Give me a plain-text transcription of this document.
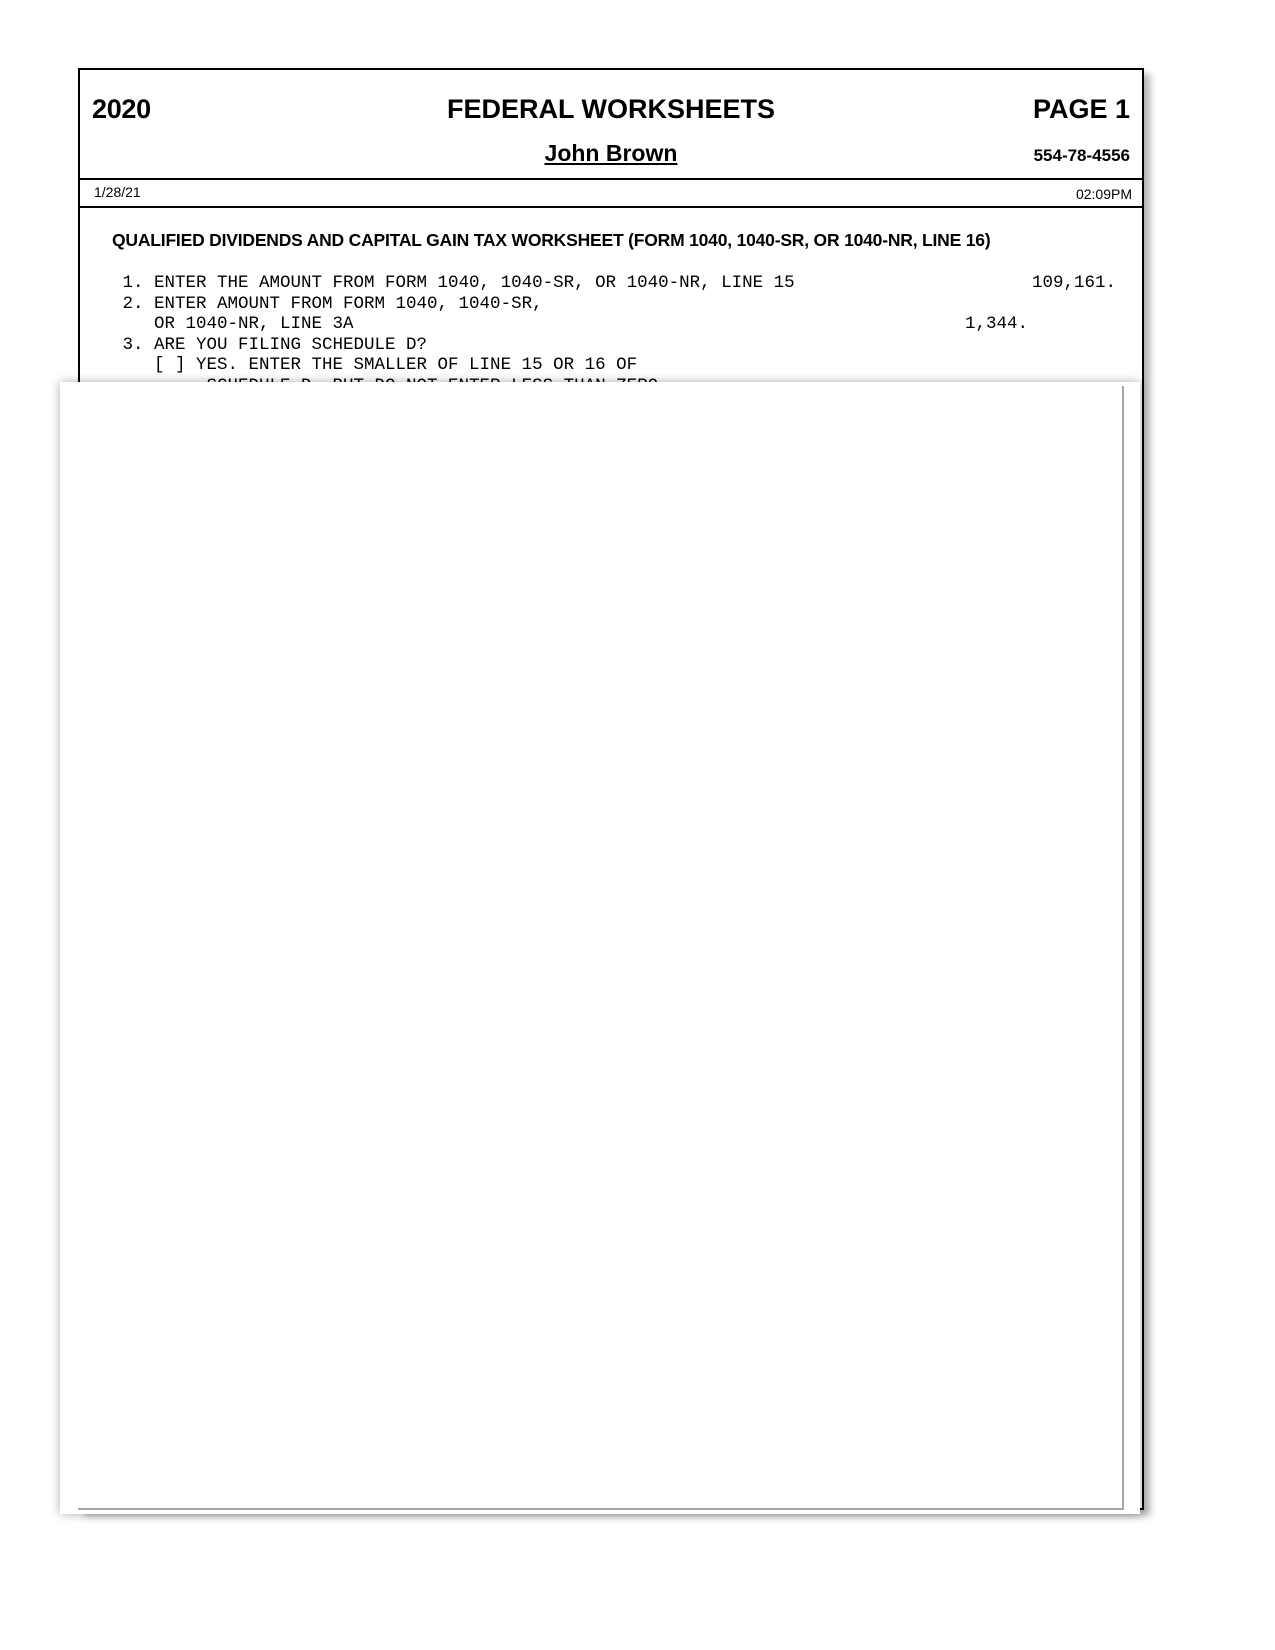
2020	FEDERAL WORKSHEETS	PAGE 1
John Brown	554-78-4556
1/28/21	02:09PM
QUALIFIED DIVIDENDS AND CAPITAL GAIN TAX WORKSHEET (FORM 1040, 1040-SR, OR 1040-NR, LINE 16)
1. ENTER THE AMOUNT FROM FORM 1040, 1040-SR, OR 1040-NR, LINE 15	109,161.
2. ENTER AMOUNT FROM FORM 1040, 1040-SR,
OR 1040-NR, LINE 3A	1,344.
3. ARE YOU FILING SCHEDULE D?
[ ] YES. ENTER THE SMALLER OF LINE 15 OR 16 OF
